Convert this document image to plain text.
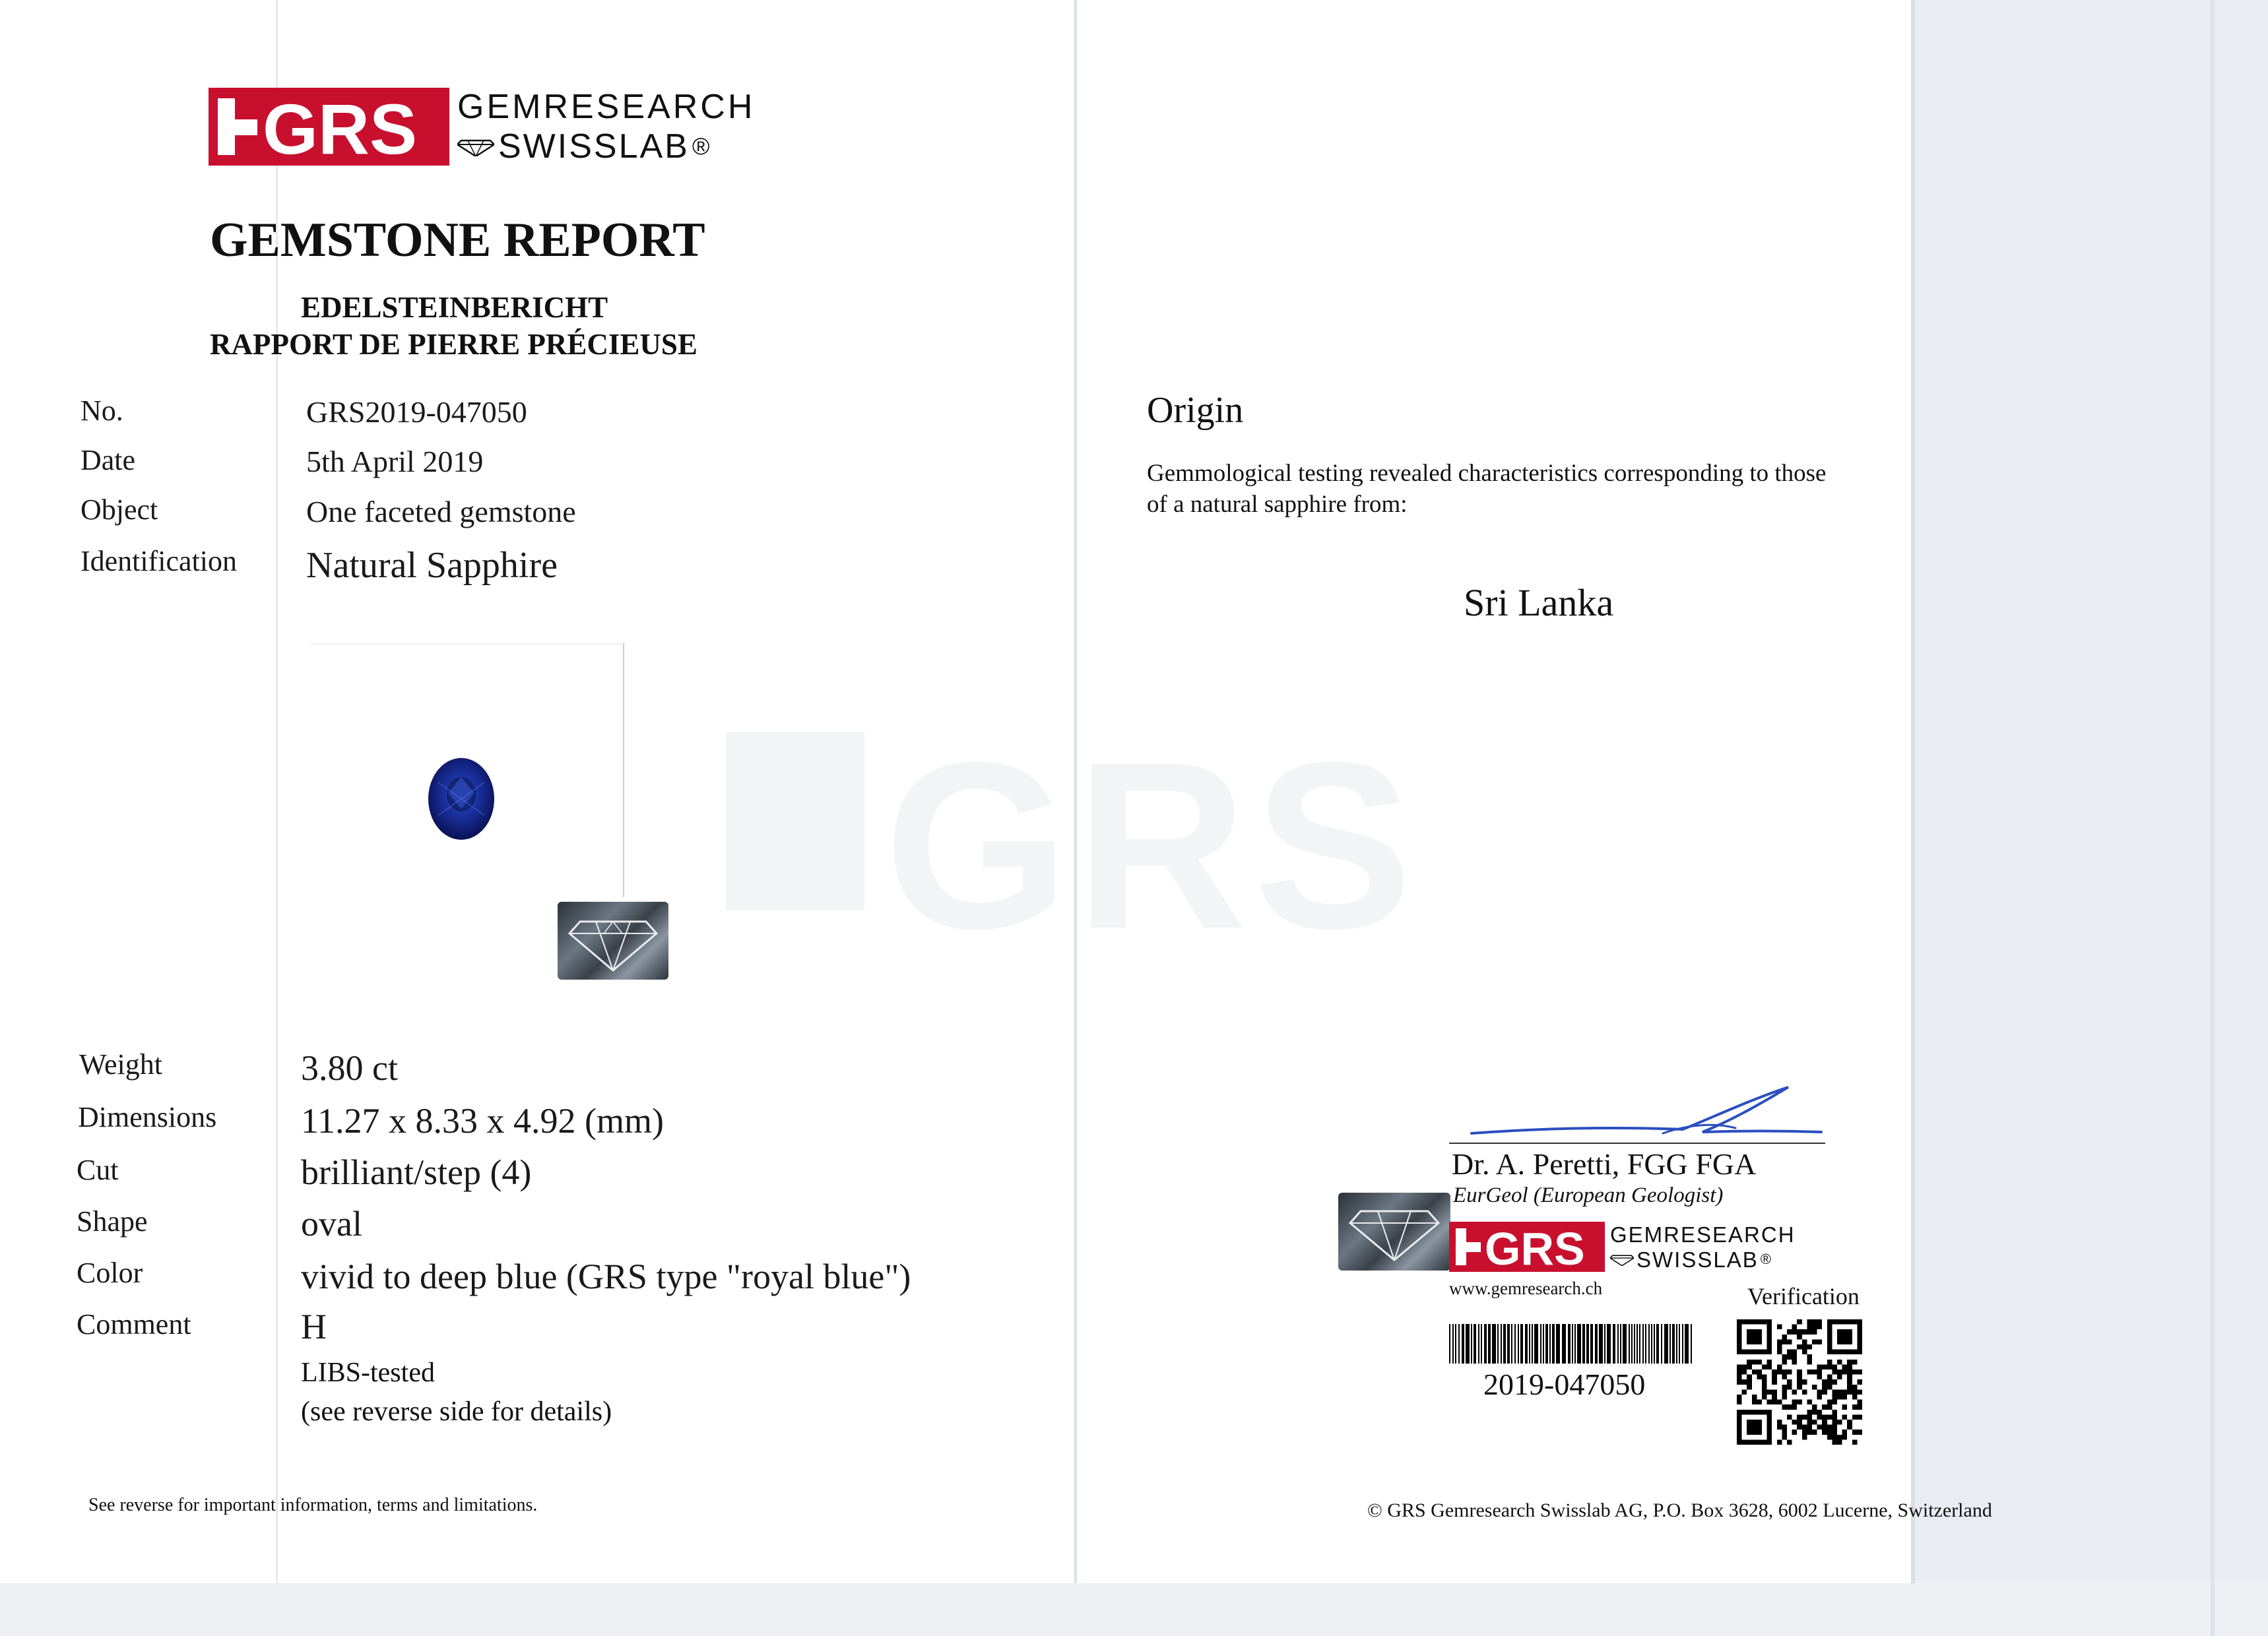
GRS GEMRESEARCH
SWISSLAB ®
GEMSTONE REPORT
EDELSTEINBERICHT
RAPPORT DE PIERRE PRÉCIEUSE
No.	GRS2019-047050
Date	5th April 2019
Object	One faceted gemstone
Identification Natural Sapphire
Weight	3.80 ct
Dimensions 11.27 x 8.33 x 4.92 (mm)
Cut	brilliant/step (4)
Shape	oval
Color	vivid to deep blue (GRS type "royal blue")
Comment	H
LIBS-tested
(see reverse side for details)
See reverse for important information, terms and limitations.
GRS
Origin
Gemmological testing revealed characteristics corresponding to those
of a natural sapphire from:
Sri Lanka
Dr. A. Peretti, FGG FGA
EurGeol (European Geologist)
GRS GEMRESEARCH
SWISSLAB ®
www.gemresearch.ch	Verification
2019-047050
© GRS Gemresearch Swisslab AG, P.O. Box 3628, 6002 Lucerne, Switzerland
